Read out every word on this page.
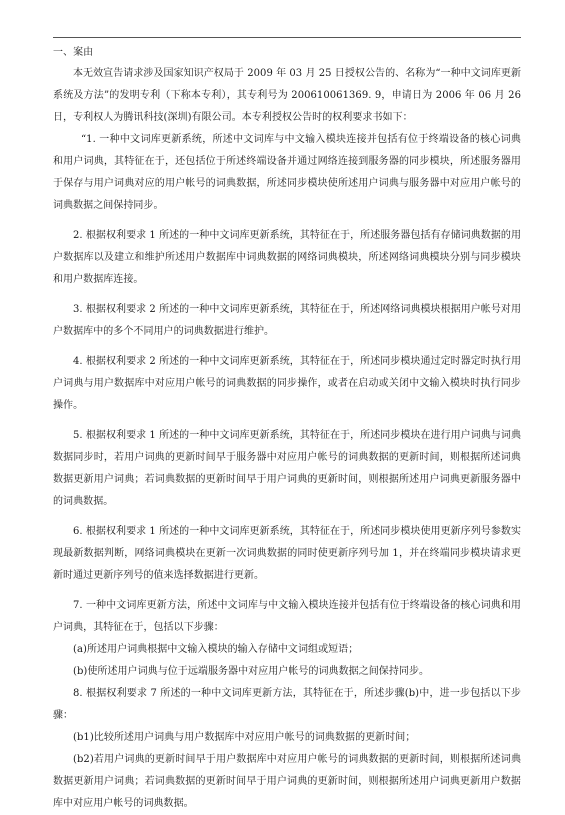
一、案由

本无效宣告请求涉及国家知识产权局于 2009 年 03 月 25 日授权公告的、名称为“一种中文词库更新系统及方法”的发明专利（下称本专利），其专利号为 200610061369. 9，申请日为 2006 年 06 月 26 日，专利权人为腾讯科技(深圳)有限公司。本专利授权公告时的权利要求书如下：

“1. 一种中文词库更新系统，所述中文词库与中文输入模块连接并包括有位于终端设备的核心词典和用户词典，其特征在于，还包括位于所述终端设备并通过网络连接到服务器的同步模块，所述服务器用于保存与用户词典对应的用户帐号的词典数据，所述同步模块使所述用户词典与服务器中对应用户帐号的词典数据之间保持同步。

2. 根据权利要求 1 所述的一种中文词库更新系统，其特征在于，所述服务器包括有存储词典数据的用户数据库以及建立和维护所述用户数据库中词典数据的网络词典模块，所述网络词典模块分别与同步模块和用户数据库连接。

3. 根据权利要求 2 所述的一种中文词库更新系统，其特征在于，所述网络词典模块根据用户帐号对用户数据库中的多个不同用户的词典数据进行维护。

4. 根据权利要求 2 所述的一种中文词库更新系统，其特征在于，所述同步模块通过定时器定时执行用户词典与用户数据库中对应用户帐号的词典数据的同步操作，或者在启动或关闭中文输入模块时执行同步操作。

5. 根据权利要求 1 所述的一种中文词库更新系统，其特征在于，所述同步模块在进行用户词典与词典数据同步时，若用户词典的更新时间早于服务器中对应用户帐号的词典数据的更新时间，则根据所述词典数据更新用户词典；若词典数据的更新时间早于用户词典的更新时间，则根据所述用户词典更新服务器中的词典数据。

6. 根据权利要求 1 所述的一种中文词库更新系统，其特征在于，所述同步模块使用更新序列号参数实现最新数据判断，网络词典模块在更新一次词典数据的同时使更新序列号加 1，并在终端同步模块请求更新时通过更新序列号的值来选择数据进行更新。

7. 一种中文词库更新方法，所述中文词库与中文输入模块连接并包括有位于终端设备的核心词典和用户词典，其特征在于，包括以下步骤：

(a)所述用户词典根据中文输入模块的输入存储中文词组或短语；

(b)使所述用户词典与位于远端服务器中对应用户帐号的词典数据之间保持同步。

8. 根据权利要求 7 所述的一种中文词库更新方法，其特征在于，所述步骤(b)中，进一步包括以下步骤：

(b1)比较所述用户词典与用户数据库中对应用户帐号的词典数据的更新时间；

(b2)若用户词典的更新时间早于用户数据库中对应用户帐号的词典数据的更新时间，则根据所述词典数据更新用户词典；若词典数据的更新时间早于用户词典的更新时间，则根据所述用户词典更新用户数据库中对应用户帐号的词典数据。
